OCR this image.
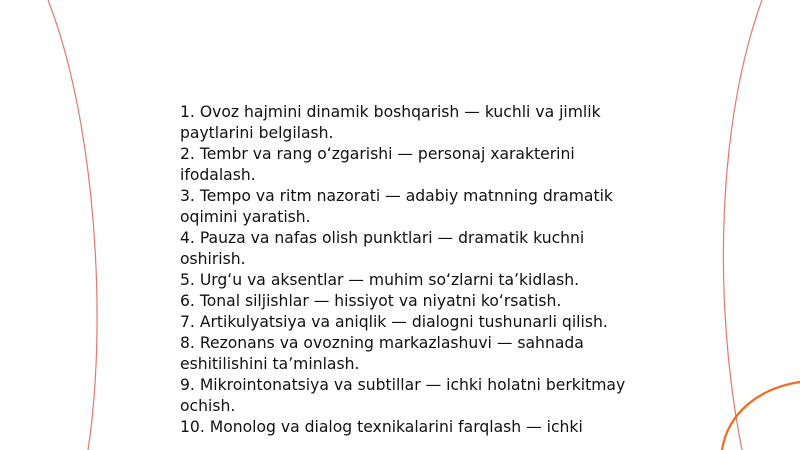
1. Ovoz hajmini dinamik boshqarish — kuchli va jimlik paytlarini belgilash.
2. Tembr va rang oʻzgarishi — personaj xarakterini ifodalash.
3. Tempo va ritm nazorati — adabiy matnning dramatik oqimini yaratish.
4. Pauza va nafas olish punktlari — dramatik kuchni oshirish.
5. Urgʻu va aksentlar — muhim soʻzlarni taʼkidlash.
6. Tonal siljishlar — hissiyot va niyatni koʻrsatish.
7. Artikulyatsiya va aniqlik — dialogni tushunarli qilish.
8. Rezonans va ovozning markazlashuvi — sahnada eshitilishini taʼminlash.
9. Mikrointonatsiya va subtillar — ichki holatni berkitmay ochish.
10. Monolog va dialog texnikalarini farqlash — ichki
